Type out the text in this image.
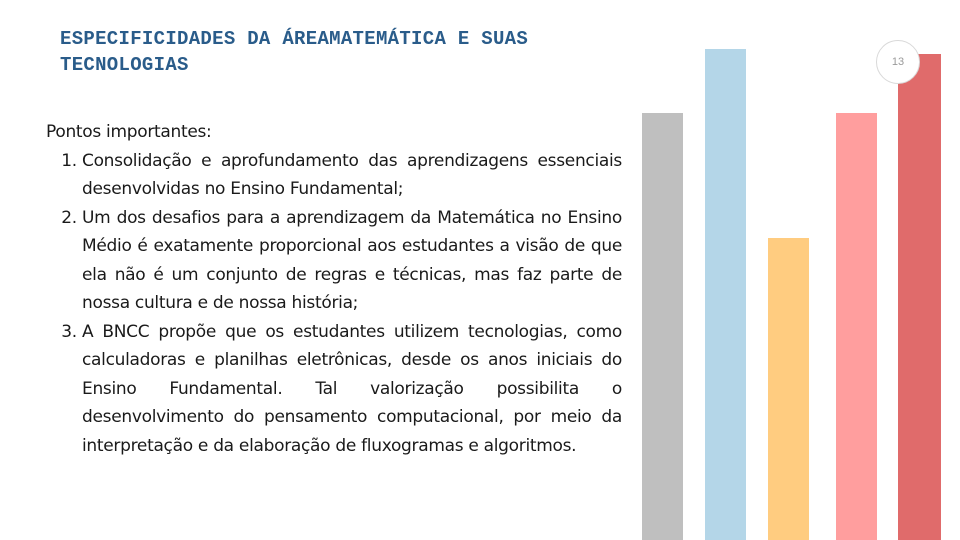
ESPECIFICIDADES DA ÁREAMATEMÁTICA E SUAS
TECNOLOGIAS

Pontos importantes:

1. Consolidação e aprofundamento das aprendizagens essenciais desenvolvidas no Ensino Fundamental;
2. Um dos desafios para a aprendizagem da Matemática no Ensino Médio é exatamente proporcional aos estudantes a visão de que ela não é um conjunto de regras e técnicas, mas faz parte de nossa cultura e de nossa história;
3. A BNCC propõe que os estudantes utilizem tecnologias, como calculadoras e planilhas eletrônicas, desde os anos iniciais do Ensino Fundamental. Tal valorização possibilita o desenvolvimento do pensamento computacional, por meio da interpretação e da elaboração de fluxogramas e algoritmos.
13
